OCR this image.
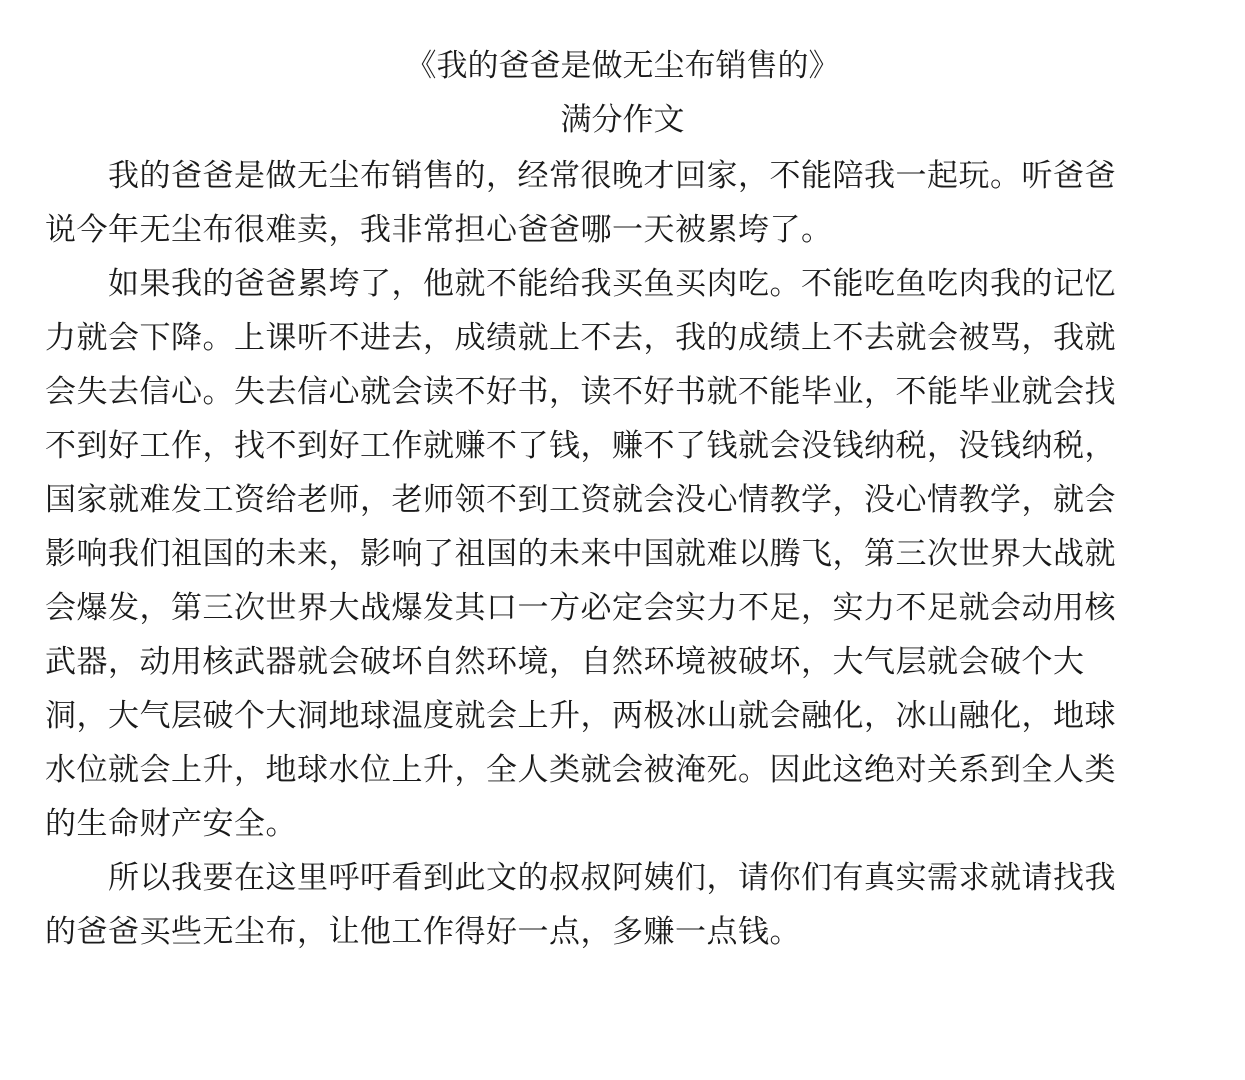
《我的爸爸是做无尘布销售的》
满分作文
我的爸爸是做无尘布销售的，经常很晚才回家，不能陪我一起玩。听爸爸
说今年无尘布很难卖，我非常担心爸爸哪一天被累垮了。
如果我的爸爸累垮了，他就不能给我买鱼买肉吃。不能吃鱼吃肉我的记忆
力就会下降。上课听不进去，成绩就上不去，我的成绩上不去就会被骂，我就
会失去信心。失去信心就会读不好书，读不好书就不能毕业，不能毕业就会找
不到好工作，找不到好工作就赚不了钱，赚不了钱就会没钱纳税，没钱纳税，
国家就难发工资给老师，老师领不到工资就会没心情教学，没心情教学，就会
影响我们祖国的未来，影响了祖国的未来中国就难以腾飞，第三次世界大战就
会爆发，第三次世界大战爆发其口一方必定会实力不足，实力不足就会动用核
武器，动用核武器就会破坏自然环境，自然环境被破坏，大气层就会破个大
洞，大气层破个大洞地球温度就会上升，两极冰山就会融化，冰山融化，地球
水位就会上升，地球水位上升，全人类就会被淹死。因此这绝对关系到全人类
的生命财产安全。
所以我要在这里呼吁看到此文的叔叔阿姨们，请你们有真实需求就请找我
的爸爸买些无尘布，让他工作得好一点，多赚一点钱。
